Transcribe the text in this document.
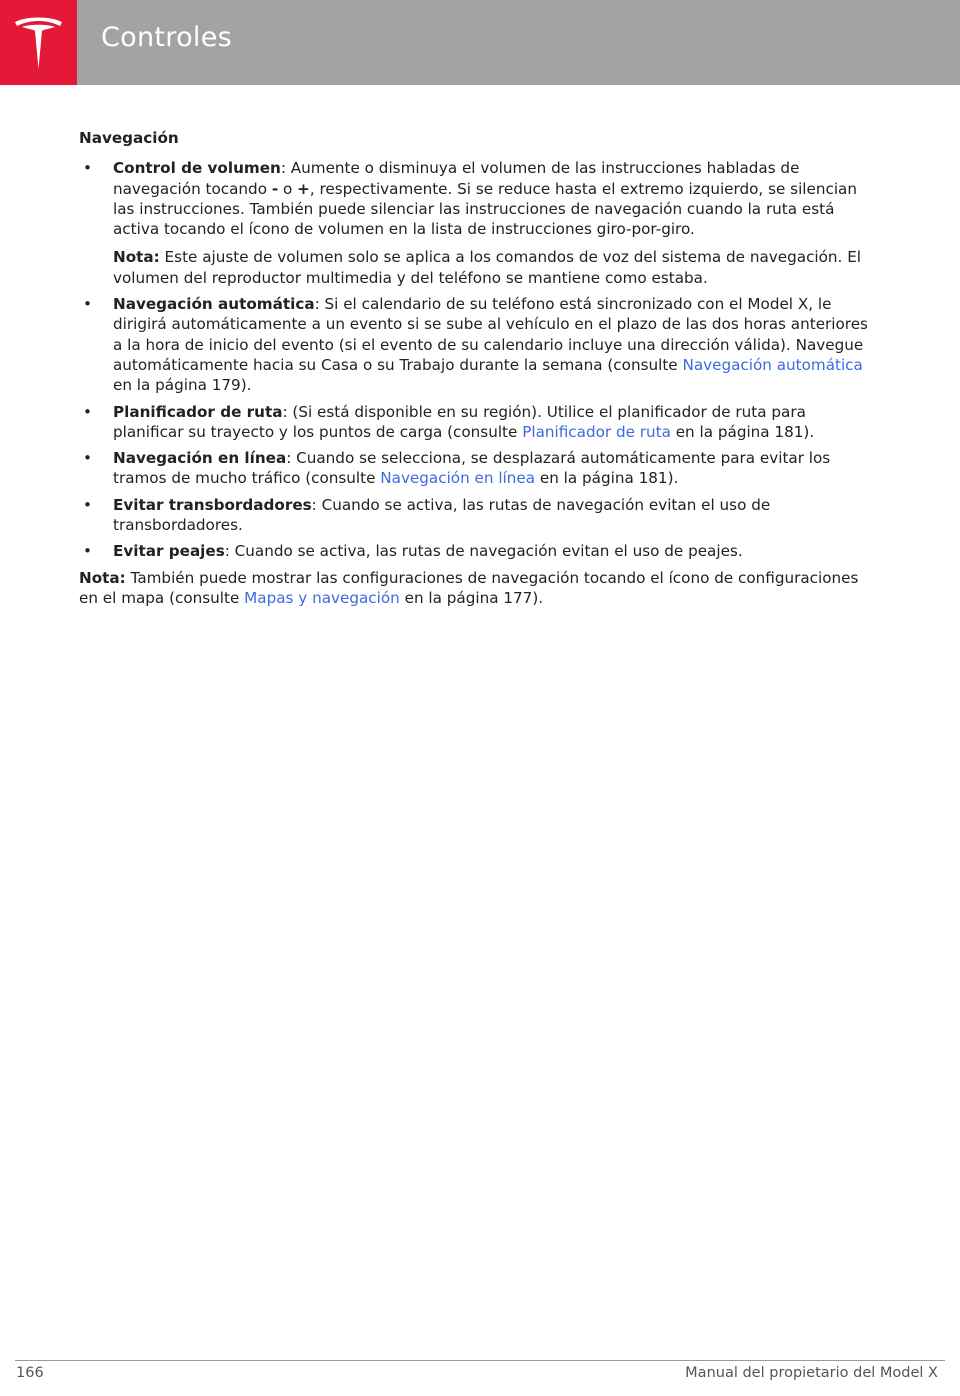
Controles
Navegación
• Control de volumen: Aumente o disminuya el volumen de las instrucciones habladas de navegación tocando - o +, respectivamente. Si se reduce hasta el extremo izquierdo, se silencian las instrucciones. También puede silenciar las instrucciones de navegación cuando la ruta está activa tocando el ícono de volumen en la lista de instrucciones giro-por-giro.
Nota: Este ajuste de volumen solo se aplica a los comandos de voz del sistema de navegación. El volumen del reproductor multimedia y del teléfono se mantiene como estaba.
• Navegación automática: Si el calendario de su teléfono está sincronizado con el Model X, le dirigirá automáticamente a un evento si se sube al vehículo en el plazo de las dos horas anteriores a la hora de inicio del evento (si el evento de su calendario incluye una dirección válida). Navegue automáticamente hacia su Casa o su Trabajo durante la semana (consulte Navegación automática en la página 179).
• Planificador de ruta: (Si está disponible en su región). Utilice el planificador de ruta para planificar su trayecto y los puntos de carga (consulte Planificador de ruta en la página 181).
• Navegación en línea: Cuando se selecciona, se desplazará automáticamente para evitar los tramos de mucho tráfico (consulte Navegación en línea en la página 181).
• Evitar transbordadores: Cuando se activa, las rutas de navegación evitan el uso de transbordadores.
• Evitar peajes: Cuando se activa, las rutas de navegación evitan el uso de peajes.
Nota: También puede mostrar las configuraciones de navegación tocando el ícono de configuraciones en el mapa (consulte Mapas y navegación en la página 177).
166	Manual del propietario del Model X
